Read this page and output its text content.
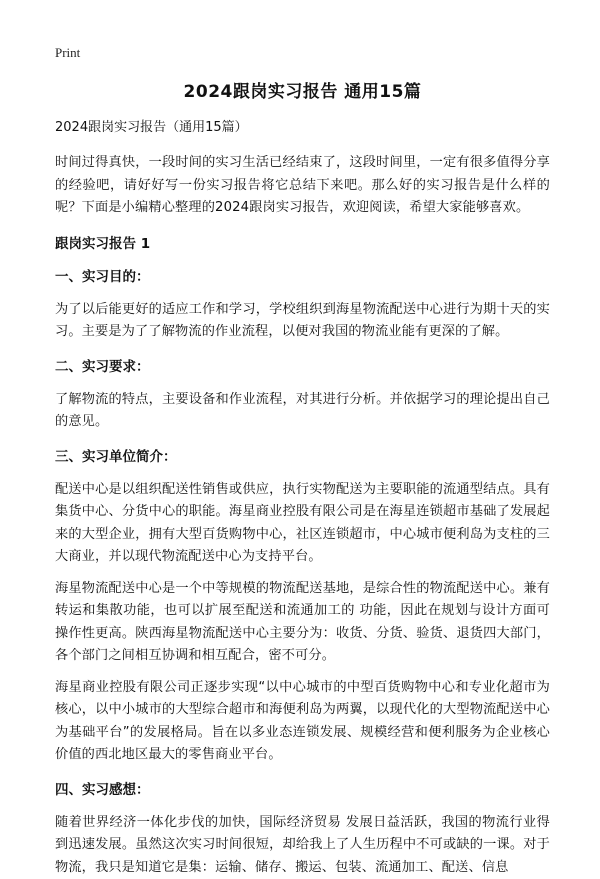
Print
2024跟岗实习报告 通用15篇

2024跟岗实习报告（通用15篇）

时间过得真快，一段时间的实习生活已经结束了，这段时间里，一定有很多值得分享的经验吧，请好好写一份实习报告将它总结下来吧。那么好的实习报告是什么样的呢？下面是小编精心整理的2024跟岗实习报告，欢迎阅读，希望大家能够喜欢。

跟岗实习报告 1
一、实习目的：

为了以后能更好的适应工作和学习，学校组织到海星物流配送中心进行为期十天的实习。主要是为了了解物流的作业流程，以便对我国的物流业能有更深的了解。

二、实习要求：

了解物流的特点，主要设备和作业流程，对其进行分析。并依据学习的理论提出自己的意见。

三、实习单位简介：

配送中心是以组织配送性销售或供应，执行实物配送为主要职能的流通型结点。具有集货中心、分货中心的职能。海星商业控股有限公司是在海星连锁超市基础了发展起来的大型企业，拥有大型百货购物中心，社区连锁超市，中心城市便利岛为支柱的三大商业，并以现代物流配送中心为支持平台。

海星物流配送中心是一个中等规模的物流配送基地，是综合性的物流配送中心。兼有转运和集散功能，也可以扩展至配送和流通加工的 功能，因此在规划与设计方面可操作性更高。陕西海星物流配送中心主要分为：收货、分货、验货、退货四大部门，各个部门之间相互协调和相互配合，密不可分。

海星商业控股有限公司正逐步实现“以中心城市的中型百货购物中心和专业化超市为核心，以中小城市的大型综合超市和海便利岛为两翼，以现代化的大型物流配送中心为基础平台”的发展格局。旨在以多业态连锁发展、规模经营和便利服务为企业核心价值的西北地区最大的零售商业平台。

四、实习感想：

随着世界经济一体化步伐的加快，国际经济贸易 发展日益活跃，我国的物流行业得到迅速发展。虽然这次实习时间很短，却给我上了人生历程中不可或缺的一课。对于物流，我只是知道它是集：运输、储存、搬运、包装、流通加工、配送、信息
